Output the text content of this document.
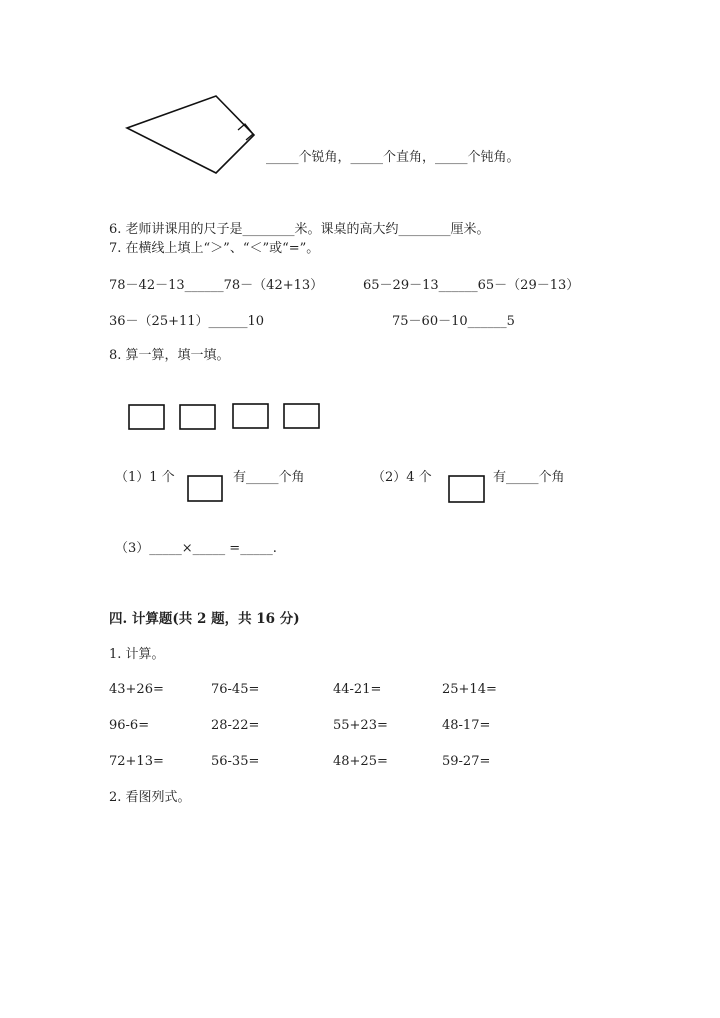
_____个锐角，_____个直角，_____个钝角。
6. 老师讲课用的尺子是________米。课桌的高大约________厘米。
7. 在横线上填上“＞”、“＜”或“=”。
78－42－13______78－（42+13）	65－29－13______65－（29－13）
36－（25+11）______10	75－60－10______5
8. 算一算，填一填。
（1）1 个	有_____个角	（2）4 个	有_____个角
（3）_____×_____ =_____.
四. 计算题(共 2 题，共 16 分)
1. 计算。
43+26=	76-45=	44-21=	25+14=
96-6=	28-22=	55+23=	48-17=
72+13=	56-35=	48+25=	59-27=
2. 看图列式。
